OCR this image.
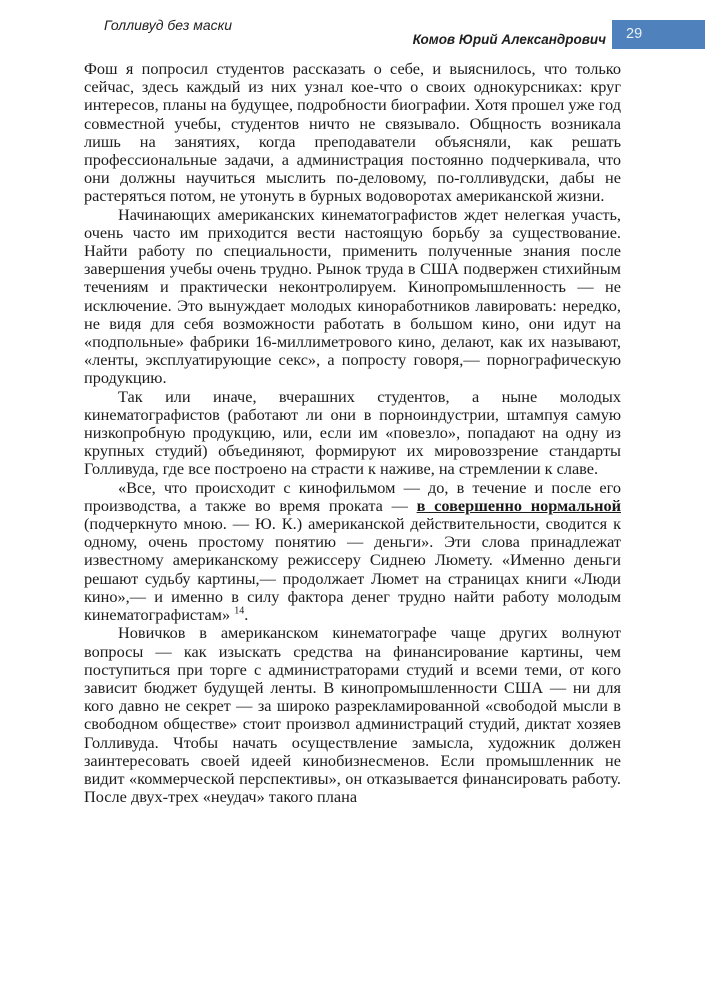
Голливуд без маски
Комов Юрий Александрович	29

Фош я попросил студентов рассказать о себе, и выяснилось, что только сейчас, здесь каждый из них узнал кое-что о своих однокурсниках: круг интересов, планы на будущее, подробности биографии. Хотя прошел уже год совместной учебы, студентов ничто не связывало. Общность возникала лишь на занятиях, когда преподаватели объясняли, как решать профессиональные задачи, а администрация постоянно подчеркивала, что они должны научиться мыслить по-деловому, по-голливудски, дабы не растеряться потом, не утонуть в бурных водоворотах американской жизни.

Начинающих американских кинематографистов ждет нелегкая участь, очень часто им приходится вести настоящую борьбу за существование. Найти работу по специальности, применить полученные знания после завершения учебы очень трудно. Рынок труда в США подвержен стихийным течениям и практически неконтролируем. Кинопромышленность — не исключение. Это вынуждает молодых киноработников лавировать: нередко, не видя для себя возможности работать в большом кино, они идут на «подпольные» фабрики 16-миллиметрового кино, делают, как их называют, «ленты, эксплуатирующие секс», а попросту говоря,— порнографическую продукцию.

Так или иначе, вчерашних студентов, а ныне молодых кинематографистов (работают ли они в порноиндустрии, штампуя самую низкопробную продукцию, или, если им «повезло», попадают на одну из крупных студий) объединяют, формируют их мировоззрение стандарты Голливуда, где все построено на страсти к наживе, на стремлении к славе.

«Все, что происходит с кинофильмом — до, в течение и после его производства, а также во время проката — в совершенно нормальной (подчеркнуто мною. — Ю. К.) американской действительности, сводится к одному, очень простому понятию — деньги». Эти слова принадлежат известному американскому режиссеру Сиднею Люмету. «Именно деньги решают судьбу картины,— продолжает Люмет на страницах книги «Люди кино»,— и именно в силу фактора денег трудно найти работу молодым кинематографистам» $^{14}$.

Новичков в американском кинематографе чаще других волнуют вопросы — как изыскать средства на финансирование картины, чем поступиться при торге с администраторами студий и всеми теми, от кого зависит бюджет будущей ленты. В кинопромышленности США — ни для кого давно не секрет — за широко разрекламированной «свободой мысли в свободном обществе» стоит произвол администраций студий, диктат хозяев Голливуда. Чтобы начать осуществление замысла, художник должен заинтересовать своей идеей кинобизнесменов. Если промышленник не видит «коммерческой перспективы», он отказывается финансировать работу. После двух-трех «неудач» такого плана
